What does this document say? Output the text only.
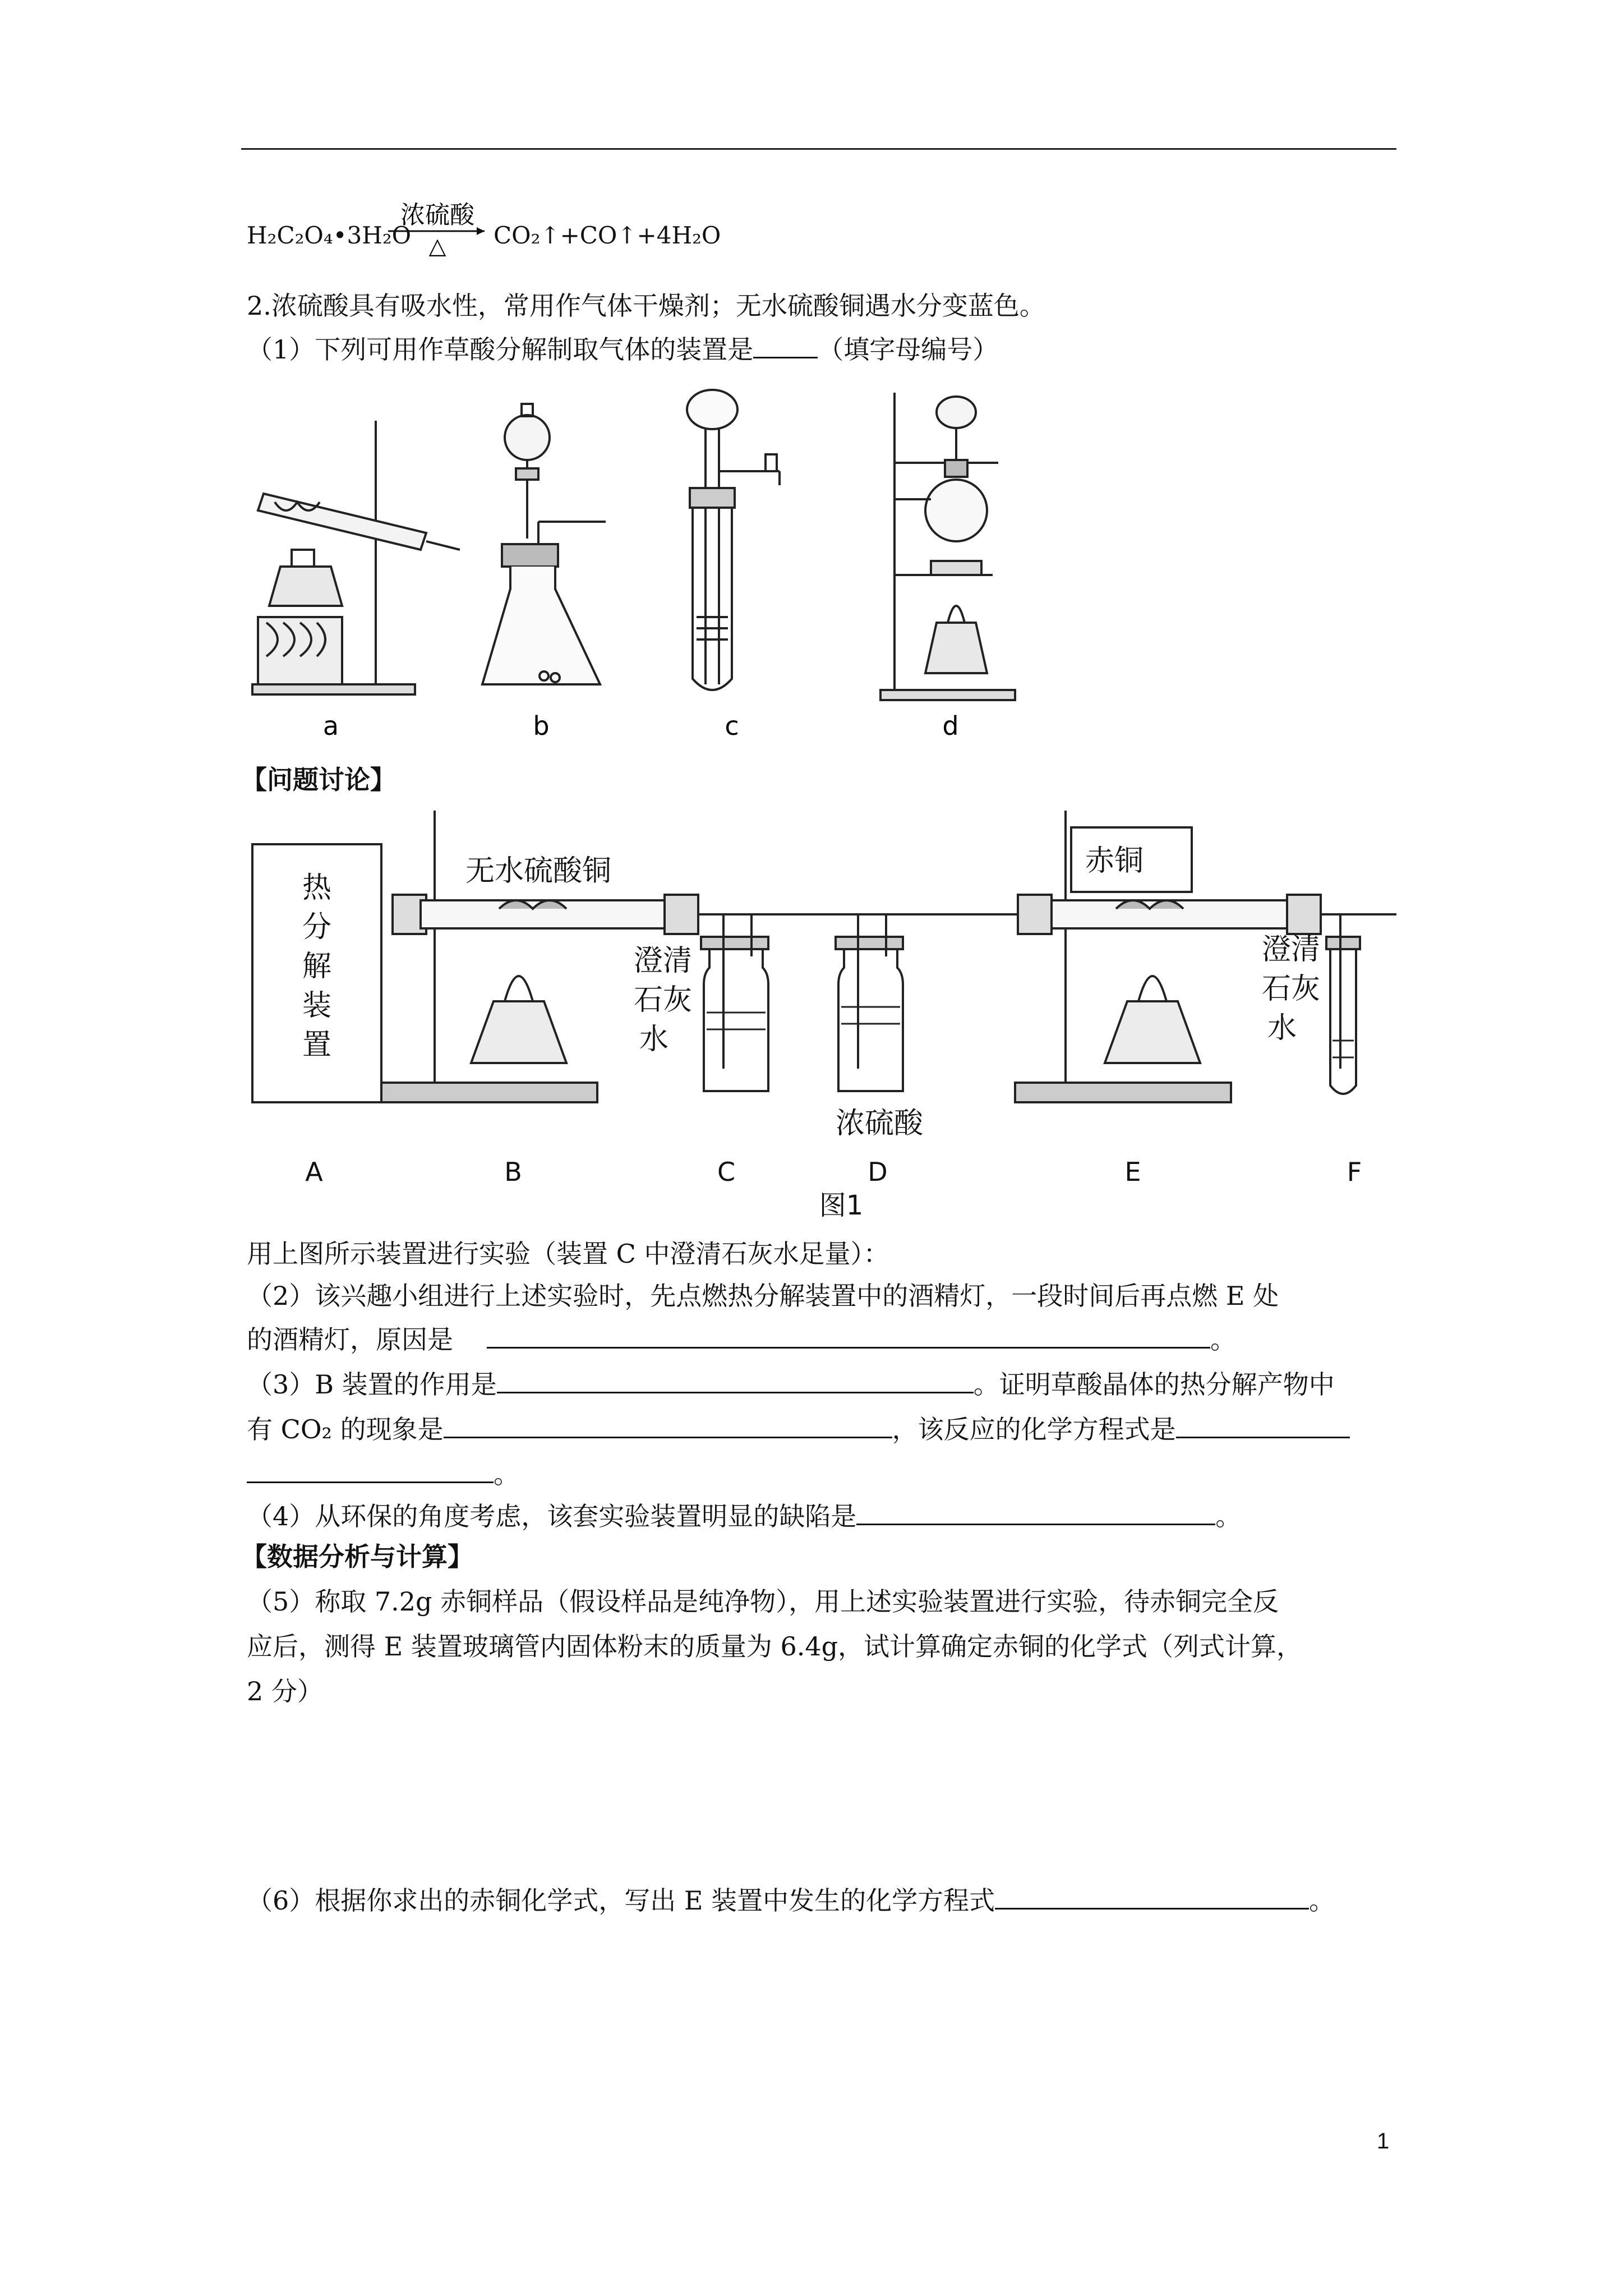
H₂C₂O₄•3H₂O
浓硫酸
△ CO₂↑+CO↑+4H₂O
2.浓硫酸具有吸水性，常用作气体干燥剂；无水硫酸铜遇水分变蓝色。
（1）下列可用作草酸分解制取气体的装置是	（填字母编号）
a	b	c	d
【问题讨论】
热
分
解
装
置
无水硫酸铜	赤铜
澄清
石灰
水
澄清
石灰
水
浓硫酸
A	B	C	D	E	F
图1
用上图所示装置进行实验（装置 C 中澄清石灰水足量）：
（2）该兴趣小组进行上述实验时，先点燃热分解装置中的酒精灯，一段时间后再点燃 E 处
的酒精灯，原因是	。
（3）B 装置的作用是	。证明草酸晶体的热分解产物中
有 CO₂ 的现象是	，该反应的化学方程式是
。
（4）从环保的角度考虑，该套实验装置明显的缺陷是	。
【数据分析与计算】
（5）称取 7.2g 赤铜样品（假设样品是纯净物），用上述实验装置进行实验，待赤铜完全反
应后，测得 E 装置玻璃管内固体粉末的质量为 6.4g，试计算确定赤铜的化学式（列式计算，
2 分）
（6）根据你求出的赤铜化学式，写出 E 装置中发生的化学方程式	。
1
